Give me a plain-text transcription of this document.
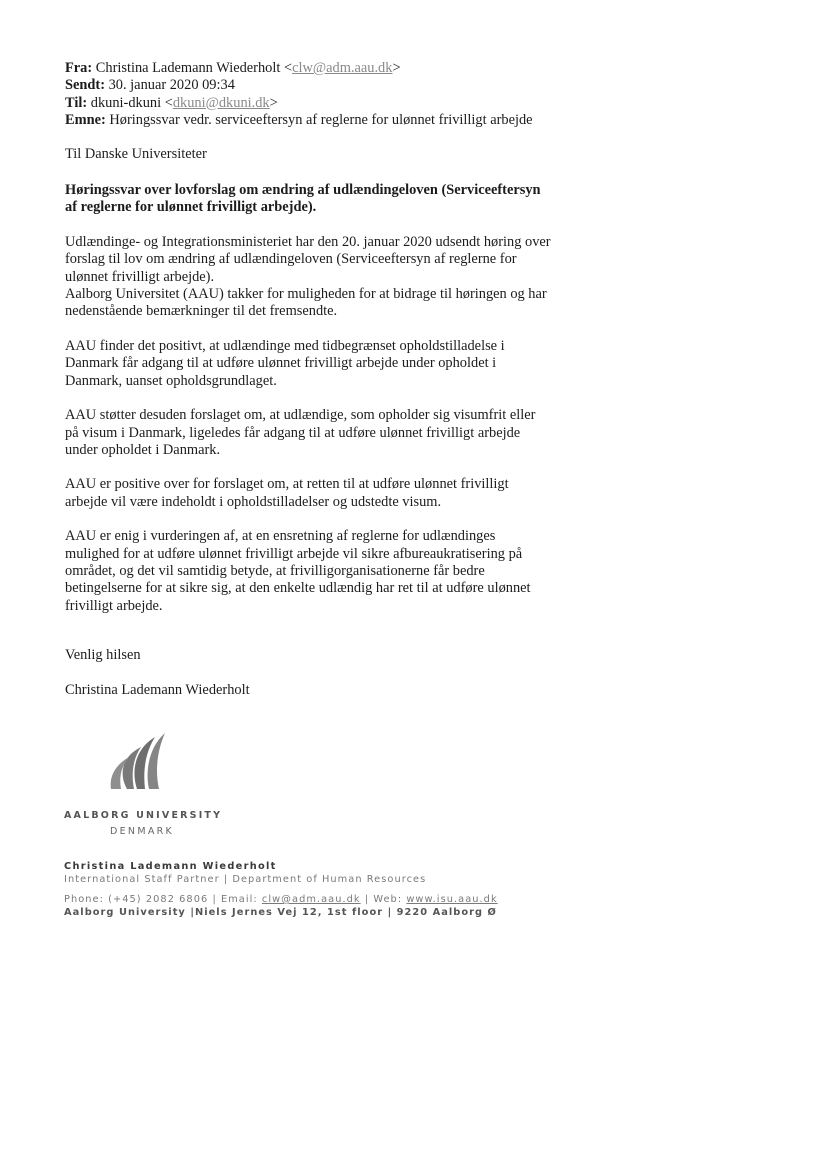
Fra: Christina Lademann Wiederholt <clw@adm.aau.dk>
Sendt: 30. januar 2020 09:34
Til: dkuni-dkuni <dkuni@dkuni.dk>
Emne: Høringssvar vedr. serviceeftersyn af reglerne for ulønnet frivilligt arbejde

Til Danske Universiteter

Høringssvar over lovforslag om ændring af udlændingeloven (Serviceeftersyn
af reglerne for ulønnet frivilligt arbejde).
Udlændinge- og Integrationsministeriet har den 20. januar 2020 udsendt høring over
forslag til lov om ændring af udlændingeloven (Serviceeftersyn af reglerne for
ulønnet frivilligt arbejde).
Aalborg Universitet (AAU) takker for muligheden for at bidrage til høringen og har
nedenstående bemærkninger til det fremsendte.
AAU finder det positivt, at udlændinge med tidbegrænset opholdstilladelse i
Danmark får adgang til at udføre ulønnet frivilligt arbejde under opholdet i
Danmark, uanset opholdsgrundlaget.
AAU støtter desuden forslaget om, at udlændige, som opholder sig visumfrit eller
på visum i Danmark, ligeledes får adgang til at udføre ulønnet frivilligt arbejde
under opholdet i Danmark.
AAU er positive over for forslaget om, at retten til at udføre ulønnet frivilligt
arbejde vil være indeholdt i opholdstilladelser og udstedte visum.
AAU er enig i vurderingen af, at en ensretning af reglerne for udlændinges
mulighed for at udføre ulønnet frivilligt arbejde vil sikre afbureaukratisering på
området, og det vil samtidig betyde, at frivilligorganisationerne får bedre
betingelserne for at sikre sig, at den enkelte udlændig har ret til at udføre ulønnet
frivilligt arbejde.

Venlig hilsen

Christina Lademann Wiederholt

AALBORG UNIVERSITY
DENMARK
Christina Lademann Wiederholt
International Staff Partner | Department of Human Resources
Phone: (+45) 2082 6806 | Email: clw@adm.aau.dk | Web: www.isu.aau.dk
Aalborg University |Niels Jernes Vej 12, 1st floor | 9220 Aalborg Ø
